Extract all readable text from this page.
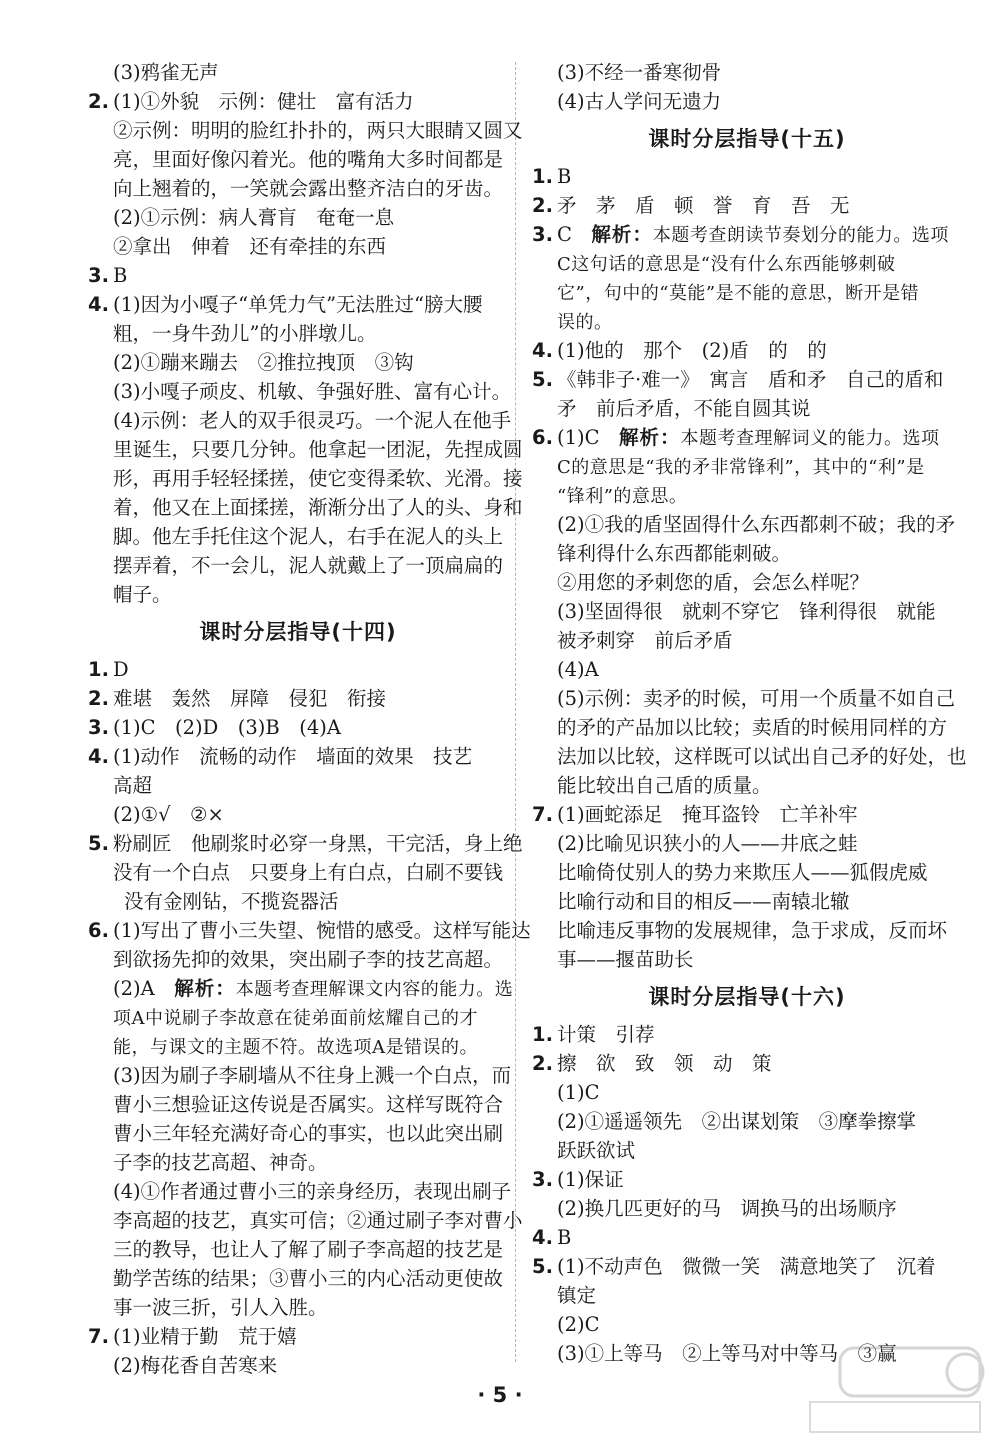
(3)鸦雀无声
2. (1)①外貌　示例：健壮　富有活力
②示例：明明的脸红扑扑的，两只大眼睛又圆又
亮，里面好像闪着光。他的嘴角大多时间都是
向上翘着的，一笑就会露出整齐洁白的牙齿。
(2)①示例：病人膏肓　奄奄一息
②拿出　伸着　还有牵挂的东西
3. B
4. (1)因为小嘎子“单凭力气”无法胜过“膀大腰
粗，一身牛劲儿”的小胖墩儿。
(2)①蹦来蹦去　②推拉拽顶　③钩
(3)小嘎子顽皮、机敏、争强好胜、富有心计。
(4)示例：老人的双手很灵巧。一个泥人在他手
里诞生，只要几分钟。他拿起一团泥，先捏成圆
形，再用手轻轻揉搓，使它变得柔软、光滑。接
着，他又在上面揉搓，渐渐分出了人的头、身和
脚。他左手托住这个泥人，右手在泥人的头上
摆弄着，不一会儿，泥人就戴上了一顶扁扁的
帽子。
课时分层指导(十四)
1. D
2. 难堪　轰然　屏障　侵犯　衔接
3. (1)C　(2)D　(3)B　(4)A
4. (1)动作　流畅的动作　墙面的效果　技艺
高超
(2)①√　②×
5. 粉刷匠　他刷浆时必穿一身黑，干完活，身上绝
没有一个白点　只要身上有白点，白刷不要钱
没有金刚钻，不揽瓷器活
6. (1)写出了曹小三失望、惋惜的感受。这样写能达
到欲扬先抑的效果，突出刷子李的技艺高超。
(2)A　解析：本题考查理解课文内容的能力。选
项A中说刷子李故意在徒弟面前炫耀自己的才
能，与课文的主题不符。故选项A是错误的。
(3)因为刷子李刷墙从不往身上溅一个白点，而
曹小三想验证这传说是否属实。这样写既符合
曹小三年轻充满好奇心的事实，也以此突出刷
子李的技艺高超、神奇。
(4)①作者通过曹小三的亲身经历，表现出刷子
李高超的技艺，真实可信；②通过刷子李对曹小
三的教导，也让人了解了刷子李高超的技艺是
勤学苦练的结果；③曹小三的内心活动更使故
事一波三折，引人入胜。
7. (1)业精于勤　荒于嬉
(2)梅花香自苦寒来
(3)不经一番寒彻骨
(4)古人学问无遗力
课时分层指导(十五)
1. B
2. 矛　茅　盾　顿　誉　育　吾　无
3. C　解析：本题考查朗读节奏划分的能力。选项
C这句话的意思是“没有什么东西能够刺破
它”，句中的“莫能”是不能的意思，断开是错
误的。
4. (1)他的　那个　(2)盾　的　的
5. 《韩非子·难一》　寓言　盾和矛　自己的盾和
矛　前后矛盾，不能自圆其说
6. (1)C　解析：本题考查理解词义的能力。选项
C的意思是“我的矛非常锋利”，其中的“利”是
“锋利”的意思。
(2)①我的盾坚固得什么东西都刺不破；我的矛
锋利得什么东西都能刺破。
②用您的矛刺您的盾，会怎么样呢？
(3)坚固得很　就刺不穿它　锋利得很　就能
被矛刺穿　前后矛盾
(4)A
(5)示例：卖矛的时候，可用一个质量不如自己
的矛的产品加以比较；卖盾的时候用同样的方
法加以比较，这样既可以试出自己矛的好处，也
能比较出自己盾的质量。
7. (1)画蛇添足　掩耳盗铃　亡羊补牢
(2)比喻见识狭小的人——井底之蛙
比喻倚仗别人的势力来欺压人——狐假虎威
比喻行动和目的相反——南辕北辙
比喻违反事物的发展规律，急于求成，反而坏
事——揠苗助长
课时分层指导(十六)
1. 计策　引荐
2. 擦　欲　致　领　动　策
(1)C
(2)①遥遥领先　②出谋划策　③摩拳擦掌
跃跃欲试
3. (1)保证
(2)换几匹更好的马　调换马的出场顺序
4. B
5. (1)不动声色　微微一笑　满意地笑了　沉着
镇定
(2)C
(3)①上等马　②上等马对中等马　③赢
· 5 ·
